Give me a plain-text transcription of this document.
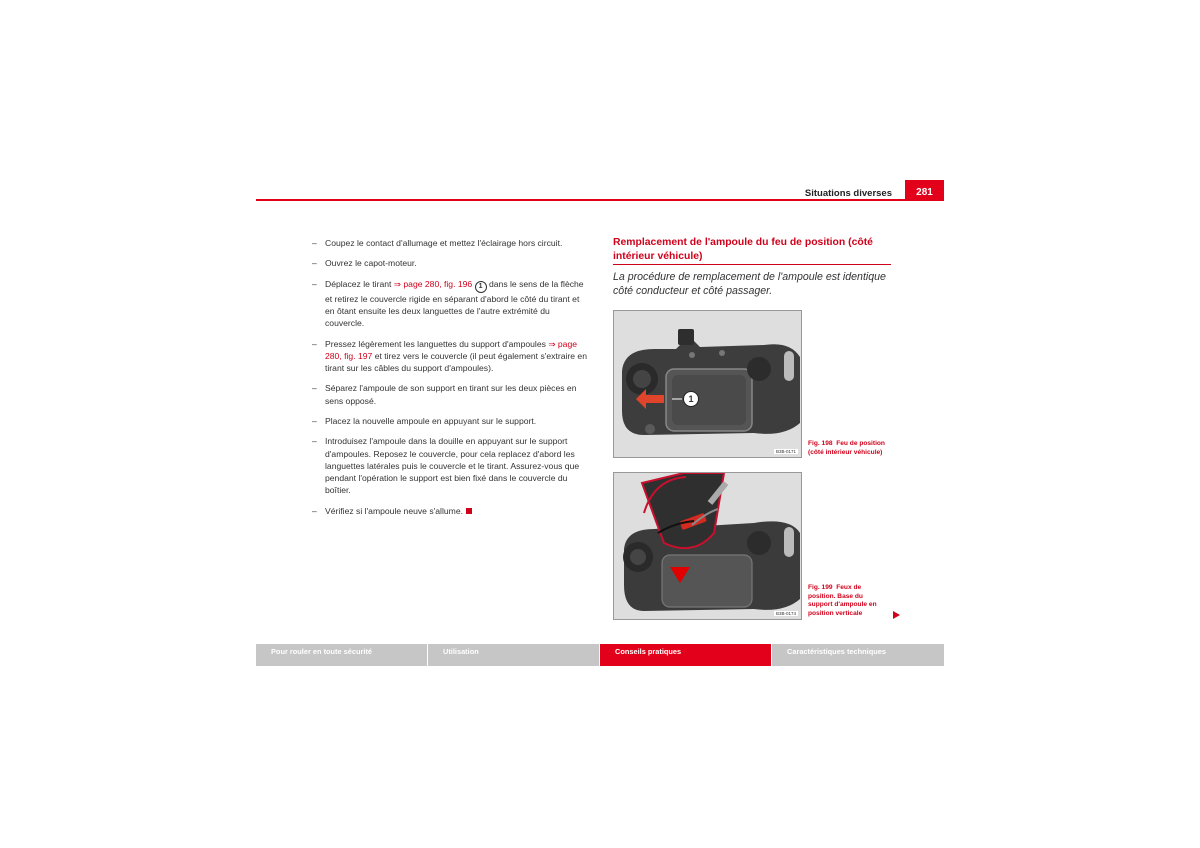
Situations diverses	281
– Coupez le contact d'allumage et mettez l'éclairage hors circuit.
– Ouvrez le capot-moteur.
– Déplacez le tirant ⇒ page 280, fig. 196 1 dans le sens de la flèche et retirez le couvercle rigide en séparant d'abord le côté du tirant et en ôtant ensuite les deux languettes de l'autre extrémité du couvercle.
– Pressez légèrement les languettes du support d'ampoules ⇒ page 280, fig. 197 et tirez vers le couvercle (il peut également s'extraire en tirant sur les câbles du support d'ampoules).
– Séparez l'ampoule de son support en tirant sur les deux pièces en sens opposé.
– Placez la nouvelle ampoule en appuyant sur le support.
– Introduisez l'ampoule dans la douille en appuyant sur le support d'ampoules. Reposez le couvercle, pour cela replacez d'abord les languettes latérales puis le couvercle et le tirant. Assurez-vous que pendant l'opération le support est bien fixé dans le couvercle du boîtier.
– Vérifiez si l'ampoule neuve s'allume.
Remplacement de l'ampoule du feu de position (côté intérieur véhicule)
La procédure de remplacement de l'ampoule est identique côté conducteur et côté passager.
1
B3B-0171
Fig. 198 Feu de position (côté intérieur véhicule)
B3B-0174
Fig. 199 Feux de position. Base du support d'ampoule en position verticale
Pour rouler en toute sécurité	Utilisation	Conseils pratiques	Caractéristiques techniques
